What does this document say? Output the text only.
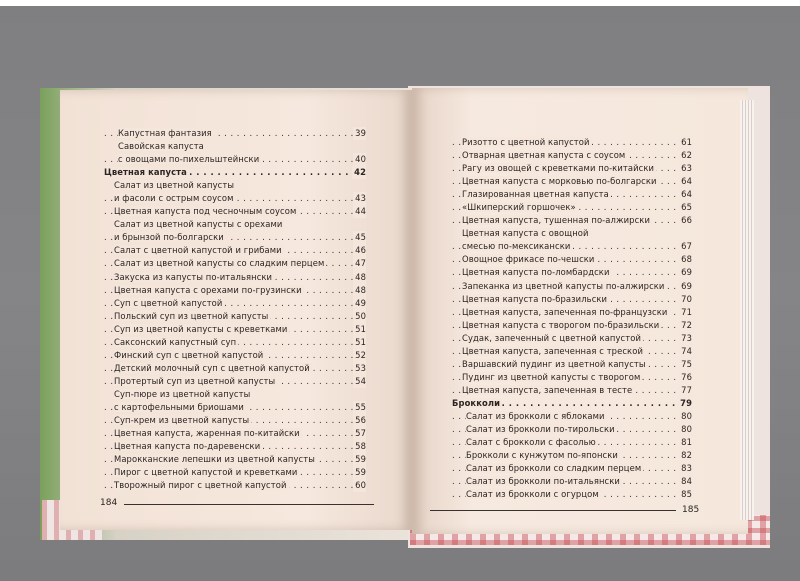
Капустная фантазия	39
. . .
Савойская капуста
с овощами по-пихельштейнски	40
. . .
Цветная капуста	42
. . .
Салат из цветной капусты
и фасоли с острым соусом	43
. . .
Цветная капуста под чесночным соусом	44
. . .
Салат из цветной капусты с орехами
и брынзой по-болгарски	45
. . .
Салат с цветной капустой и грибами	46
. . .
Салат из цветной капусты со сладким перцем	47
. . .
Закуска из капусты по-итальянски	48
. . .
Цветная капуста с орехами по-грузински	48
. . .
Суп с цветной капустой	49
. . .
Польский суп из цветной капусты	50
. . .
Суп из цветной капусты с креветками	51
. . .
Саксонский капустный суп	51
. . .
Финский суп с цветной капустой	52
. . .
Детский молочный суп с цветной капустой	53
. . .
Протертый суп из цветной капусты	54
. . .
Суп-пюре из цветной капусты
с картофельными бриошами	55
. . .
Суп-крем из цветной капусты	56
. . .
Цветная капуста, жаренная по-китайски	57
. . .
Цветная капуста по-даревенски	58
. . .
Марокканские лепешки из цветной капусты	59
. . .
Пирог с цветной капустой и креветками	59
. . .
Творожный пирог с цветной капустой	60
. . .
Ризотто с цветной капустой	61
. . .
Отварная цветная капуста с соусом	62
. . .
Рагу из овощей с креветками по-китайски	63
. . .
Цветная капуста с морковью по-болгарски	64
. . .
Глазированная цветная капуста	64
. . .
«Шкиперский горшочек»	65
. . .
Цветная капуста, тушенная по-алжирски	66
. . .
Цветная капуста с овощной
смесью по-мексикански	67
. . .
Овощное фрикасе по-чешски	68
. . .
Цветная капуста по-ломбардски	69
. . .
Запеканка из цветной капусты по-алжирски 69
. . .
Цветная капуста по-бразильски	70
. . .
Цветная капуста, запеченная по-французски 71
. . .
Цветная капуста с творогом по-бразильски	72
. . .
Судак, запеченный с цветной капустой	73
. . .
Цветная капуста, запеченная с треской	74
. . .
Варшавский пудинг из цветной капусты	75
. . .
Пудинг из цветной капусты с творогом	76
. . .
Цветная капуста, запеченная в тесте	77
. . .
Брокколи	79
. . .
Салат из брокколи с яблоками	80
. . .
Салат из брокколи по-тирольски	80
. . .
Салат с брокколи с фасолью	81
. . .
Брокколи с кунжутом по-японски	82
. . .
Салат из брокколи со сладким перцем	83
. . .
Салат из брокколи по-итальянски	84
. . .
Салат из брокколи с огурцом	85
. . .
184
185
